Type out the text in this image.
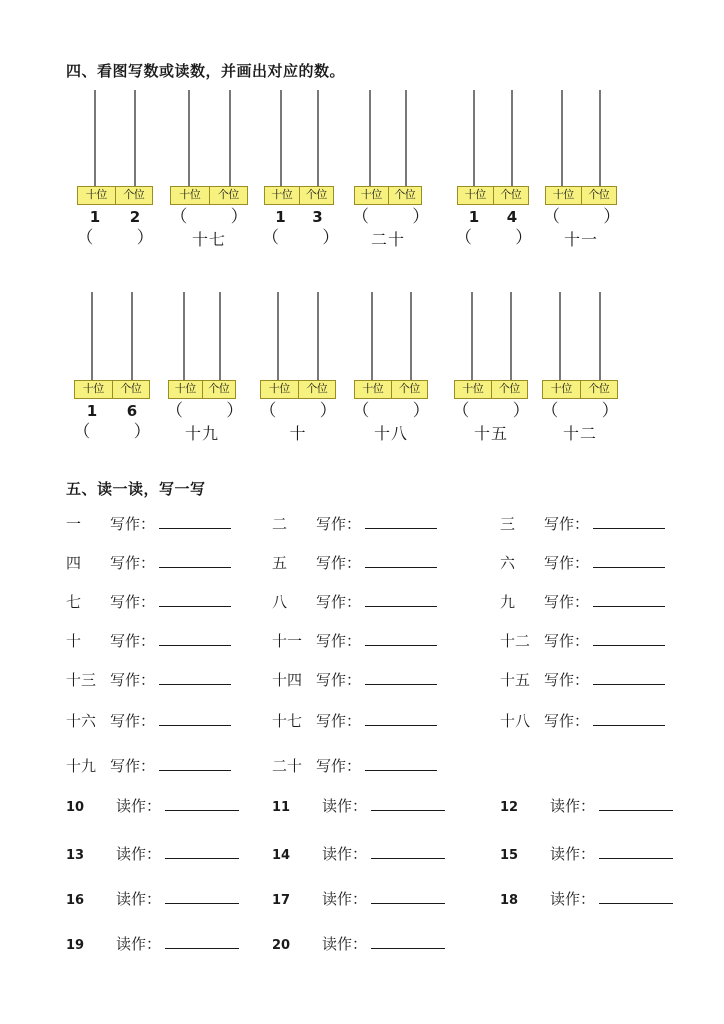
四、看图写数或读数，并画出对应的数。
十位	个位
1	2
（        ）
十位	个位
（        ）
十七
十位	个位
1	3
（        ）
十位	个位
（        ）
二十
十位	个位
1	4
（        ）
十位	个位
（        ）
十一
十位	个位
1	6
（        ）
十位	个位
（        ）
十九
十位	个位
（        ）
十
十位	个位
（        ）
十八
十位	个位
（        ）
十五
十位	个位
（        ）
十二
五、读一读，写一写
一	写作：	二	写作：	三	写作：
四	写作：	五	写作：	六	写作：
七	写作：	八	写作：	九	写作：
十	写作：	十一 写作：	十二 写作：
十三 写作：	十四 写作：	十五 写作：
十六 写作：	十七 写作：	十八 写作：
十九 写作：	二十 写作：
10	读作：	11	读作：	12	读作：
13	读作：	14	读作：	15	读作：
16	读作：	17	读作：	18	读作：
19	读作：	20	读作：
